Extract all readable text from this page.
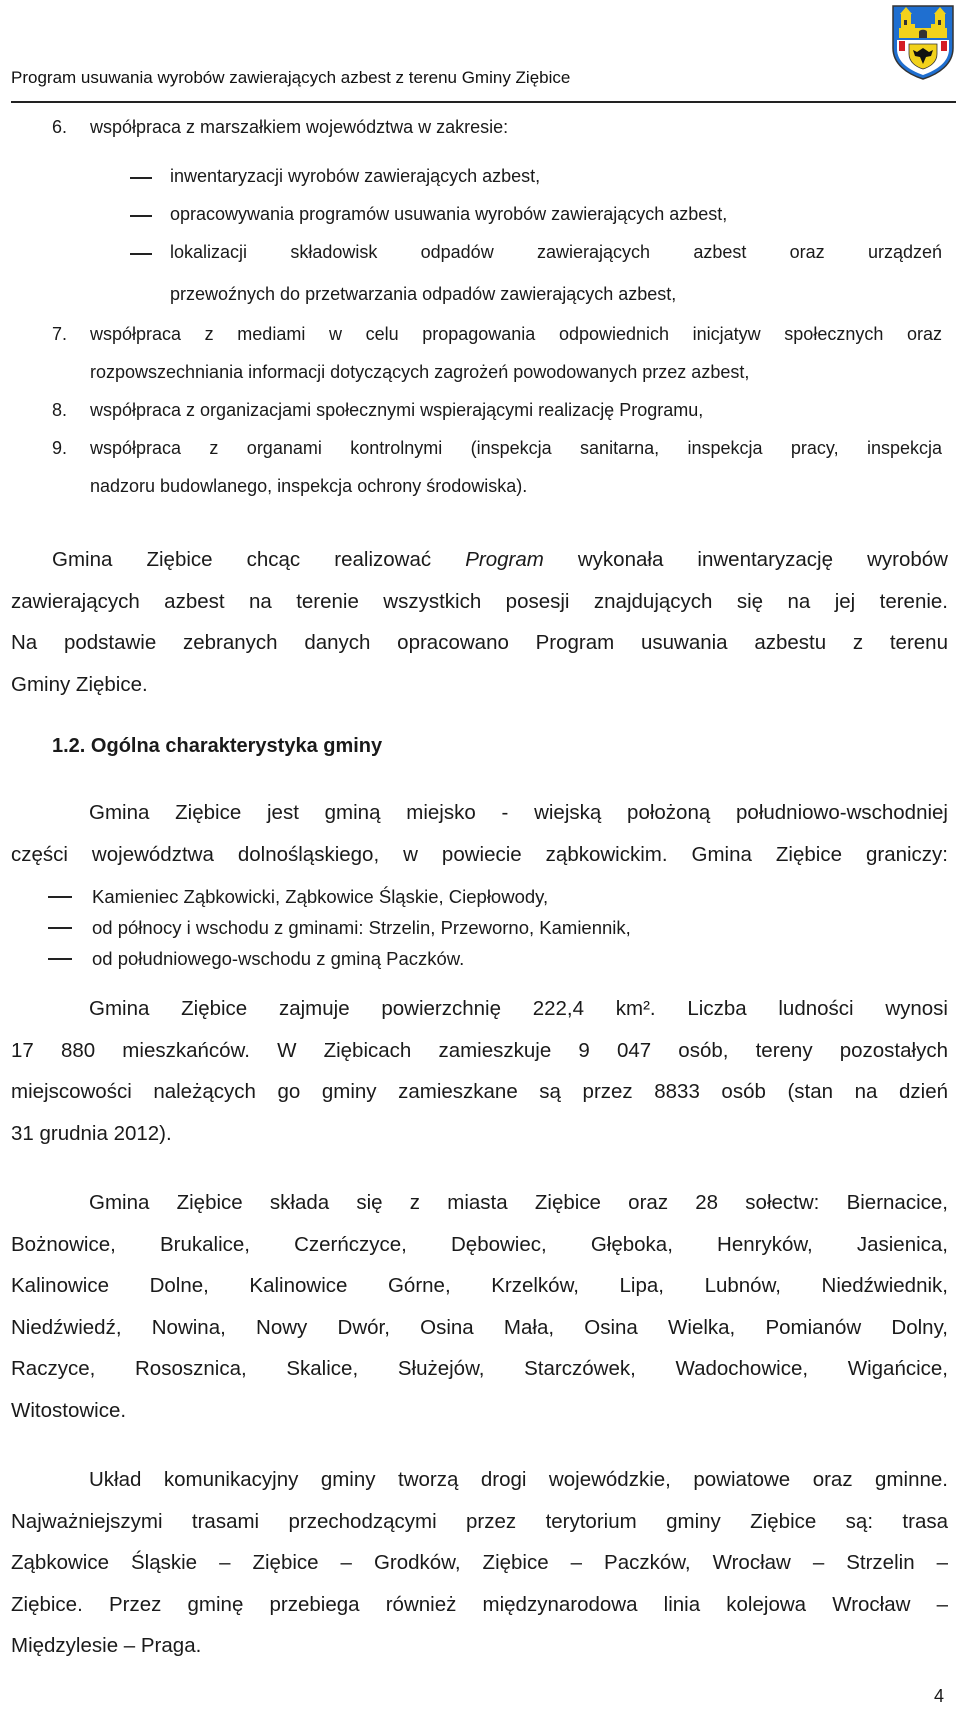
Program usuwania wyrobów zawierających azbest z terenu Gminy Ziębice
6. współpraca z marszałkiem województwa w zakresie:
inwentaryzacji wyrobów zawierających azbest,
opracowywania programów usuwania wyrobów zawierających azbest,
lokalizacji składowisk odpadów zawierających azbest oraz urządzeń
przewoźnych do przetwarzania odpadów zawierających azbest,
7. współpraca z mediami w celu propagowania odpowiednich inicjatyw społecznych oraz
rozpowszechniania informacji dotyczących zagrożeń powodowanych przez azbest,
8. współpraca z organizacjami społecznymi wspierającymi realizację Programu,
9. współpraca z organami kontrolnymi (inspekcja sanitarna, inspekcja pracy, inspekcja
nadzoru budowlanego, inspekcja ochrony środowiska).

Gmina Ziębice chcąc realizować Program wykonała inwentaryzację wyrobów

zawierających azbest na terenie wszystkich posesji znajdujących się na jej terenie.

Na podstawie zebranych danych opracowano Program usuwania azbestu z terenu

Gminy Ziębice.

1.2. Ogólna charakterystyka gminy

Gmina Ziębice jest gminą miejsko - wiejską położoną południowo-wschodniej

części województwa dolnośląskiego, w powiecie ząbkowickim. Gmina Ziębice graniczy:

Kamieniec Ząbkowicki, Ząbkowice Śląskie, Ciepłowody,
od północy i wschodu z gminami: Strzelin, Przeworno, Kamiennik,
od południowego-wschodu z gminą Paczków.

Gmina Ziębice zajmuje powierzchnię 222,4 km². Liczba ludności wynosi

17 880 mieszkańców. W Ziębicach zamieszkuje 9 047 osób, tereny pozostałych

miejscowości należących go gminy zamieszkane są przez 8833 osób (stan na dzień

31 grudnia 2012).

Gmina Ziębice składa się z miasta Ziębice oraz 28 sołectw: Biernacice,

Bożnowice, Brukalice, Czerńczyce, Dębowiec, Głęboka, Henryków, Jasienica,

Kalinowice Dolne, Kalinowice Górne, Krzelków, Lipa, Lubnów, Niedźwiednik,

Niedźwiedź, Nowina, Nowy Dwór, Osina Mała, Osina Wielka, Pomianów Dolny,

Raczyce, Rososznica, Skalice, Służejów, Starczówek, Wadochowice, Wigańcice,

Witostowice.

Układ komunikacyjny gminy tworzą drogi wojewódzkie, powiatowe oraz gminne.

Najważniejszymi trasami przechodzącymi przez terytorium gminy Ziębice są: trasa

Ząbkowice Śląskie – Ziębice – Grodków, Ziębice – Paczków, Wrocław – Strzelin –

Ziębice. Przez gminę przebiega również międzynarodowa linia kolejowa Wrocław –

Międzylesie – Praga.

4
